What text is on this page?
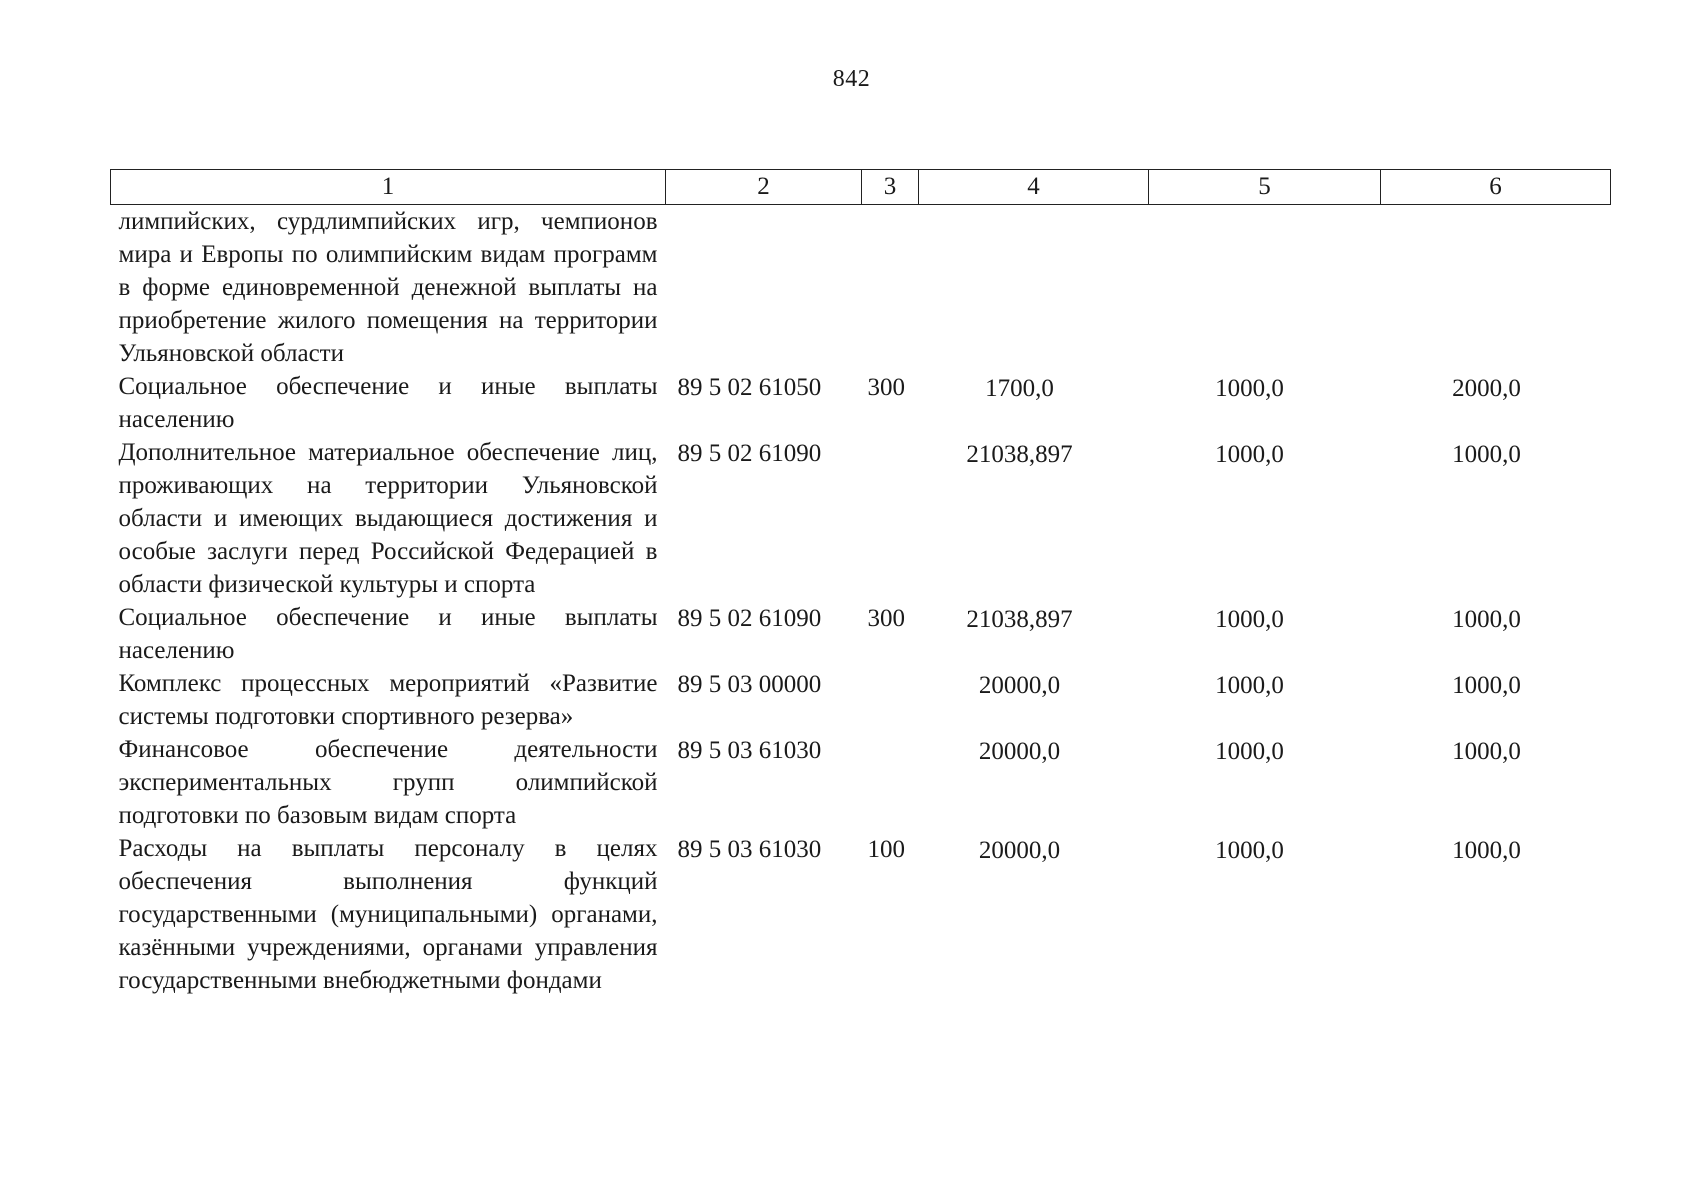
842
1	2	3	4	5	6
лимпийских, сурдлимпийских игр, чемпионов мира и Европы по олимпийским видам программ в форме единовременной денежной выплаты на приобретение жилого помещения на территории Ульяновской области					
Социальное обеспечение и иные выплаты населению	89 5 02 61050	300	1700,0	1000,0	2000,0
Дополнительное материальное обеспечение лиц, проживающих на территории Ульяновской области и имеющих выдающиеся достижения и особые заслуги перед Российской Федерацией в области физической культуры и спорта	89 5 02 61090		21038,897	1000,0	1000,0
Социальное обеспечение и иные выплаты населению	89 5 02 61090	300	21038,897	1000,0	1000,0
Комплекс процессных мероприятий «Развитие системы подготовки спортивного резерва»	89 5 03 00000		20000,0	1000,0	1000,0
Финансовое обеспечение деятельности экспериментальных групп олимпийской подготовки по базовым видам спорта	89 5 03 61030		20000,0	1000,0	1000,0
Расходы на выплаты персоналу в целях обеспечения выполнения функций государственными (муниципальными) органами, казёнными учреждениями, органами управления государственными внебюджетными фондами	89 5 03 61030	100	20000,0	1000,0	1000,0
